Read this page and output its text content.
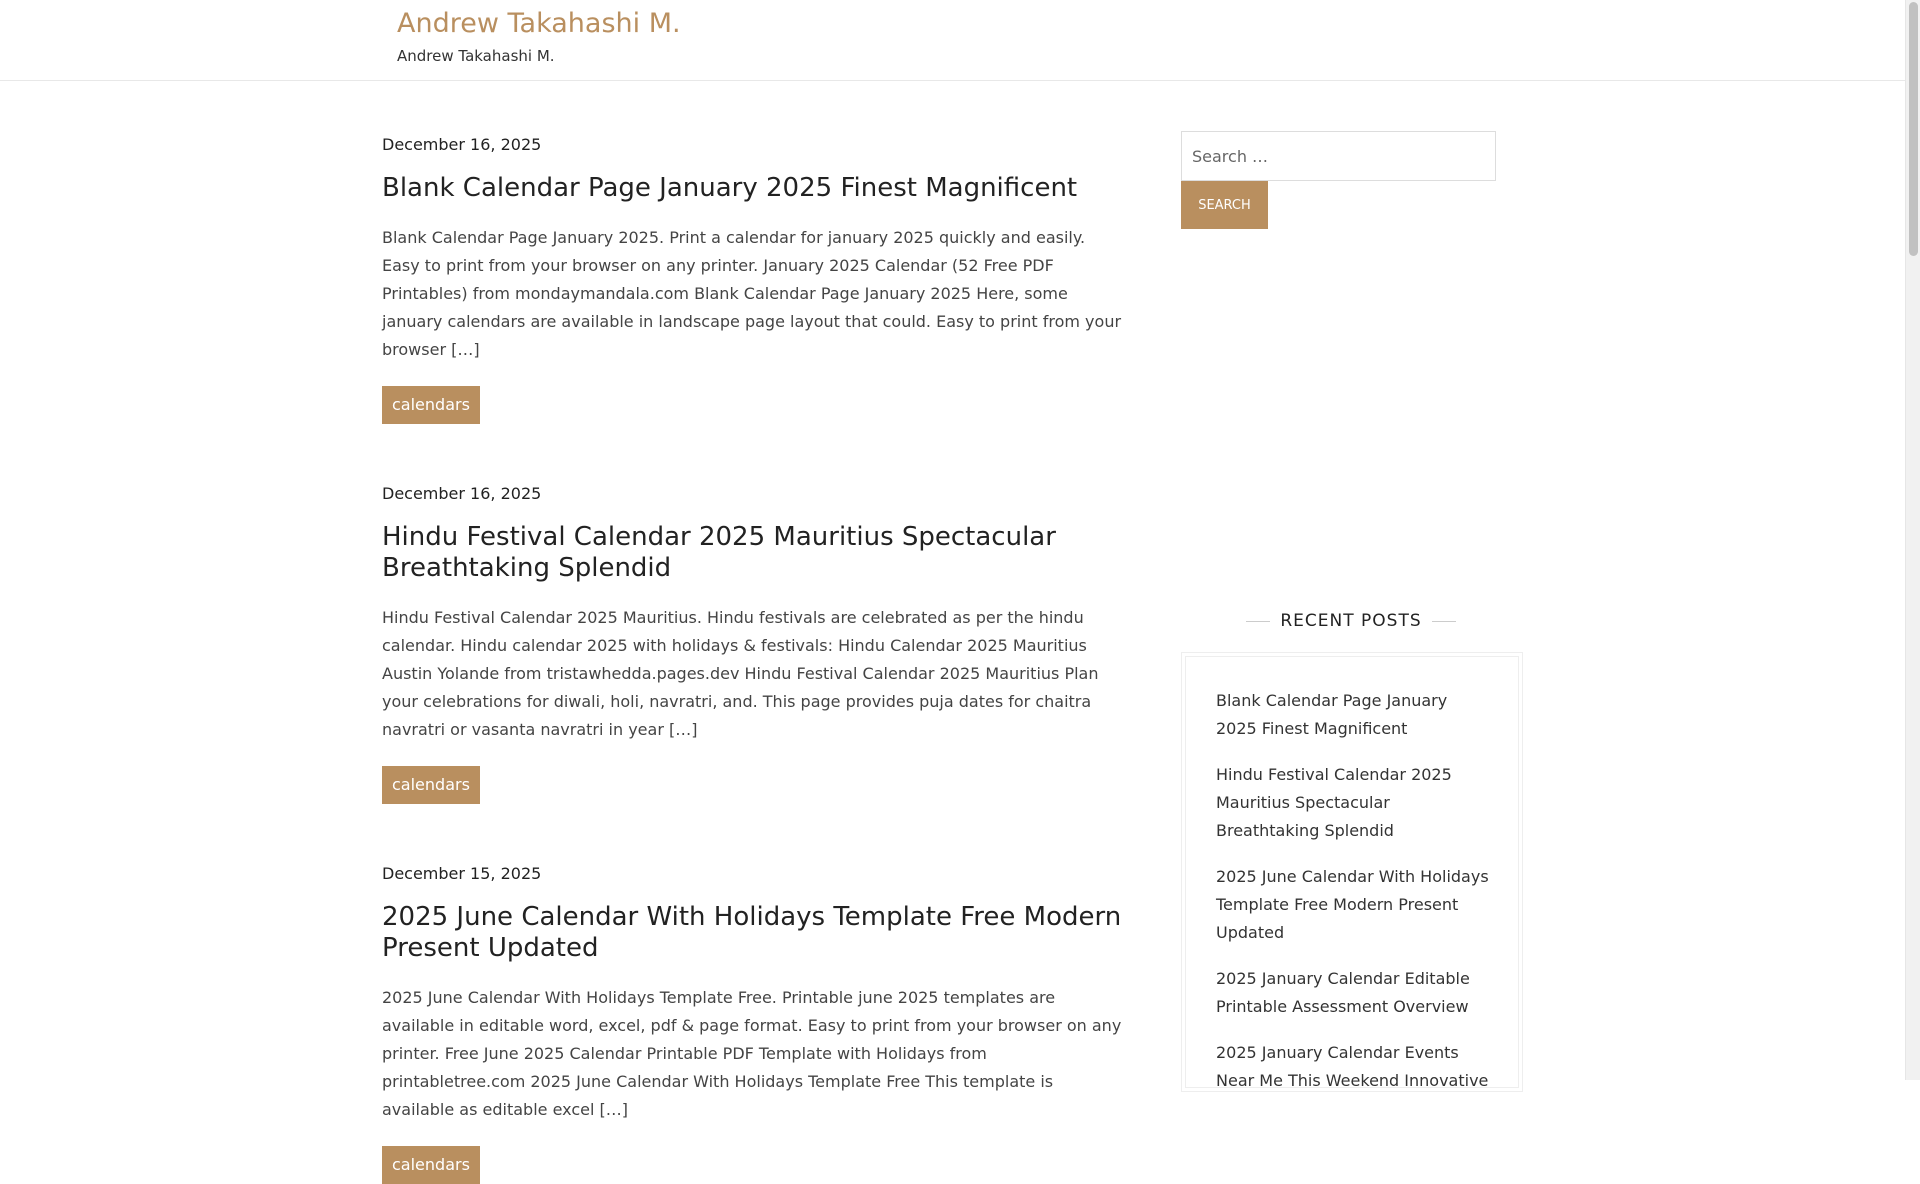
Andrew Takahashi M.
Andrew Takahashi M.
December 16, 2025
Blank Calendar Page January 2025 Finest Magnificent

Blank Calendar Page January 2025. Print a calendar for january 2025 quickly and easily. Easy to print from your browser on any printer. January 2025 Calendar (52 Free PDF Printables) from mondaymandala.com Blank Calendar Page January 2025 Here, some january calendars are available in landscape page layout that could. Easy to print from your browser […]

calendars
December 16, 2025
Hindu Festival Calendar 2025 Mauritius Spectacular Breathtaking Splendid

Hindu Festival Calendar 2025 Mauritius. Hindu festivals are celebrated as per the hindu calendar. Hindu calendar 2025 with holidays & festivals: Hindu Calendar 2025 Mauritius Austin Yolande from tristawhedda.pages.dev Hindu Festival Calendar 2025 Mauritius Plan your celebrations for diwali, holi, navratri, and. This page provides puja dates for chaitra navratri or vasanta navratri in year […]

calendars
December 15, 2025
2025 June Calendar With Holidays Template Free Modern Present Updated

2025 June Calendar With Holidays Template Free. Printable june 2025 templates are available in editable word, excel, pdf & page format. Easy to print from your browser on any printer. Free June 2025 Calendar Printable PDF Template with Holidays from printabletree.com 2025 June Calendar With Holidays Template Free This template is available as editable excel […]

calendars
Search …
SEARCH
RECENT POSTS
Blank Calendar Page January 2025 Finest Magnificent
Hindu Festival Calendar 2025 Mauritius Spectacular Breathtaking Splendid
2025 June Calendar With Holidays Template Free Modern Present Updated
2025 January Calendar Editable Printable Assessment Overview
2025 January Calendar Events Near Me This Weekend Innovative
